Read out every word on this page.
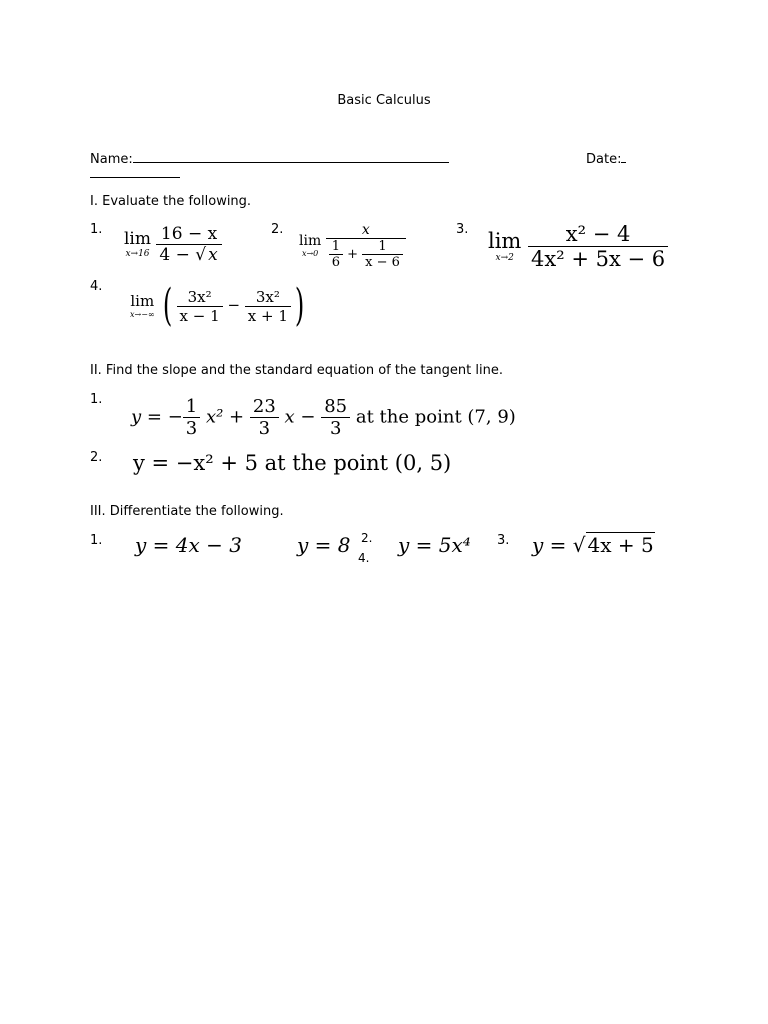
Basic Calculus
Name:	Date:
I. Evaluate the following.
1. lim
x→16
$\frac{16 - x}{4 - √ x}$	2.
lim
x→0
$\frac{x}{\frac{1}{6} + \frac{1}{x - 6}}$	3. lim
x→2
$\frac{\text{x² − 4}}{\text{4x² + 5x − 6}}$
4.
lim
x→−∞ ( $\frac{\text{3x²}}{x - 1} - \frac{\text{3x²}}{x + 1}$ )
II. Find the slope and the standard equation of the tangent line.
1.
y = − $\frac{1}{3} x^2 + \frac{23}{3}$ $x - \frac{85}{3}$ at the point (7, 9)
2. y = −x² + 5 at the point (0, 5)
III. Differentiate the following.
1. y = 4x − 3	y = 8 2.
4.
y = 5x⁴ 3. y = √ 4x + 5
